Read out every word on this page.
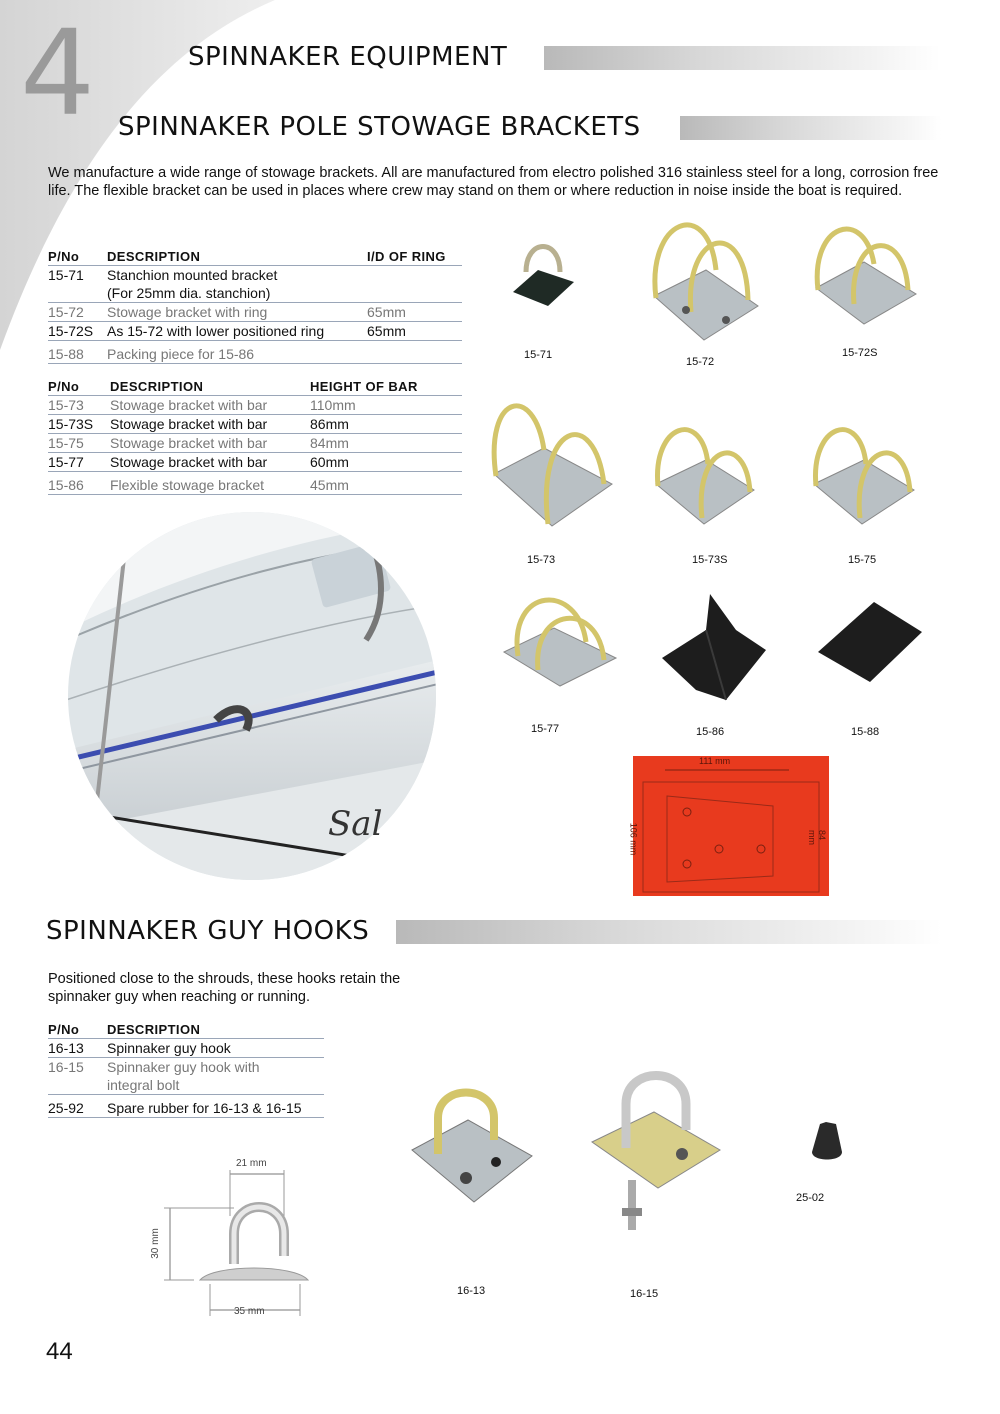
4	SPINNAKER EQUIPMENT
SPINNAKER POLE STOWAGE BRACKETS
We manufacture a wide range of stowage brackets. All are manufactured from electro polished 316 stainless steel for a long, corrosion free life. The flexible bracket can be used in places where crew may stand on them or where reduction in noise inside the boat is required.
P/No	DESCRIPTION	I/D OF RING
15-71	Stanchion mounted bracket
(For 25mm dia. stanchion)	
15-72	Stowage bracket with ring	65mm
15-72S	As 15-72 with lower positioned ring	65mm
15-88	Packing piece for 15-86	
P/No	DESCRIPTION	HEIGHT OF BAR
15-73	Stowage bracket with bar	110mm
15-73S	Stowage bracket with bar	86mm
15-75	Stowage bracket with bar	84mm
15-77	Stowage bracket with bar	60mm
15-86	Flexible stowage bracket	45mm
Sal
15-71
15-72
15-72S
15-73	15-73S	15-75
15-77	15-86	15-88
111 mm
106 mm	84 mm
SPINNAKER GUY HOOKS
Positioned close to the shrouds, these hooks retain the spinnaker guy when reaching or running.
P/No	DESCRIPTION
16-13	Spinnaker guy hook
16-15	Spinnaker guy hook with
integral bolt
25-92	Spare rubber for 16-13 & 16-15
21 mm
30 mm
35 mm
16-13	16-15
25-02
44
